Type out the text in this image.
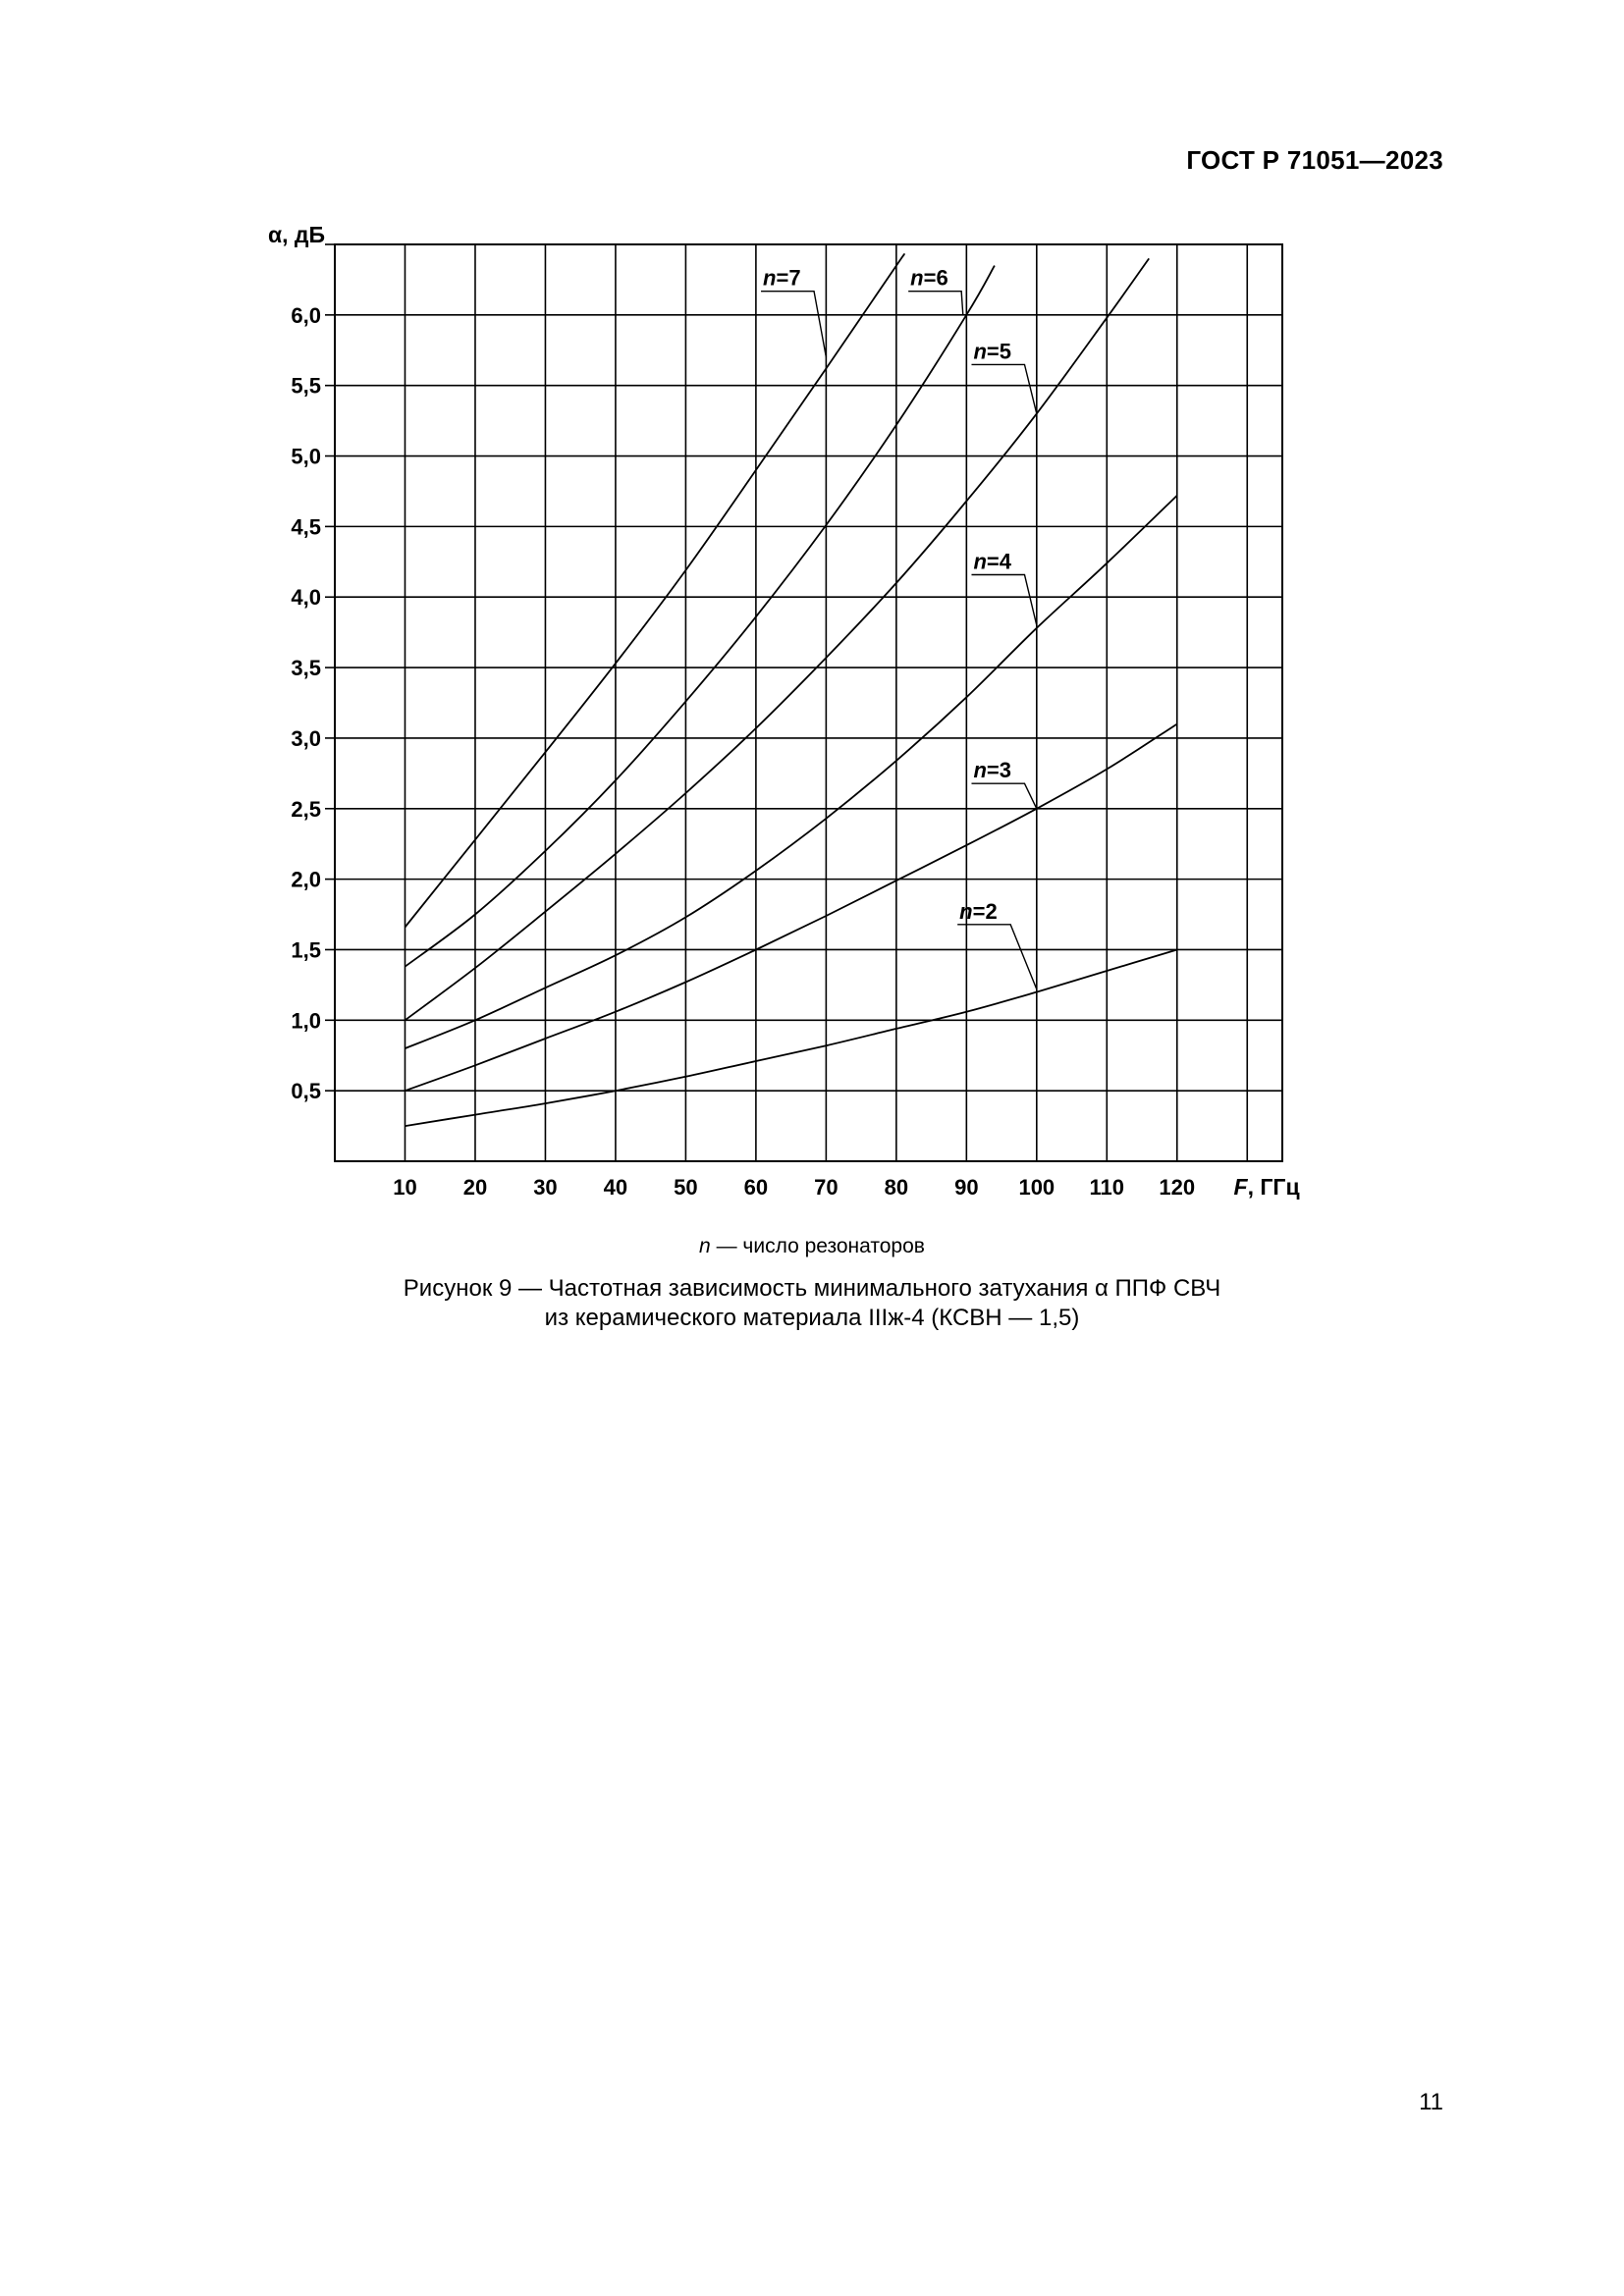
ГОСТ Р 71051—2023
n=2
n=3
n=4
n=5
n=6
n=7
10 20 30 40 50 60 70 80 90 100 110 120
0,5
1,0
1,5
2,0
2,5
3,0
3,5
4,0
4,5
5,0
5,5
6,0
α, дБ
F, ГГц
n — число резонаторов
Рисунок 9 — Частотная зависимость минимального затухания α ППФ СВЧ
из керамического материала IIIж-4 (КСВН — 1,5)
11
